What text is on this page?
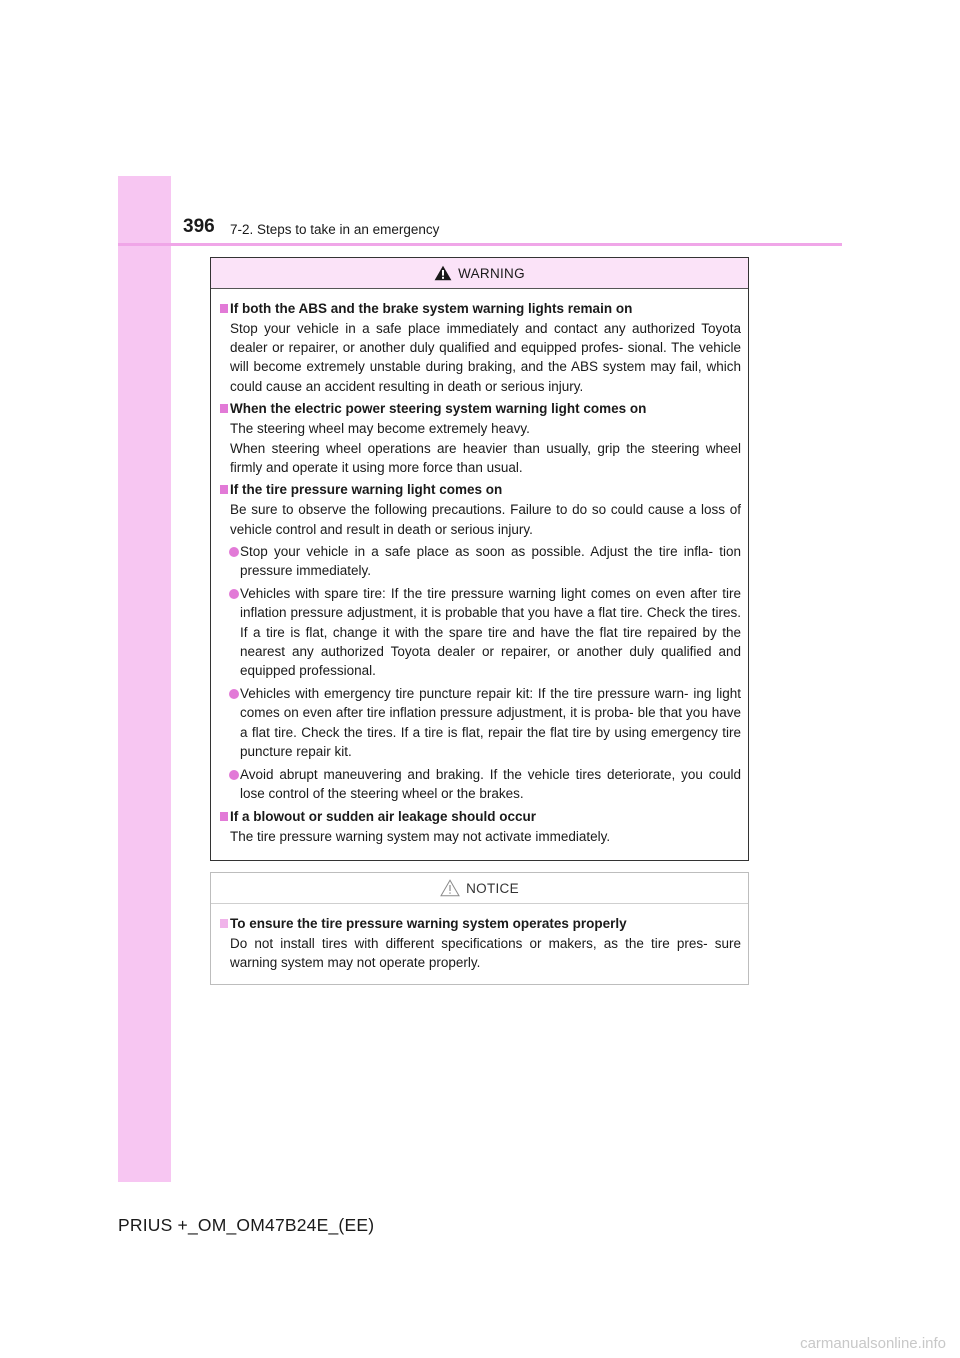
396 7-2. Steps to take in an emergency
WARNING
If both the ABS and the brake system warning lights remain on
Stop your vehicle in a safe place immediately and contact any authorized Toyota dealer or repairer, or another duly qualified and equipped profes- sional. The vehicle will become extremely unstable during braking, and the ABS system may fail, which could cause an accident resulting in death or serious injury.
When the electric power steering system warning light comes on
The steering wheel may become extremely heavy.
When steering wheel operations are heavier than usually, grip the steering wheel firmly and operate it using more force than usual.
If the tire pressure warning light comes on
Be sure to observe the following precautions. Failure to do so could cause a loss of vehicle control and result in death or serious injury.
Stop your vehicle in a safe place as soon as possible. Adjust the tire infla- tion pressure immediately.
Vehicles with spare tire: If the tire pressure warning light comes on even after tire inflation pressure adjustment, it is probable that you have a flat tire. Check the tires. If a tire is flat, change it with the spare tire and have the flat tire repaired by the nearest any authorized Toyota dealer or repairer, or another duly qualified and equipped professional.
Vehicles with emergency tire puncture repair kit: If the tire pressure warn- ing light comes on even after tire inflation pressure adjustment, it is proba- ble that you have a flat tire. Check the tires. If a tire is flat, repair the flat tire by using emergency tire puncture repair kit.
Avoid abrupt maneuvering and braking. If the vehicle tires deteriorate, you could lose control of the steering wheel or the brakes.
If a blowout or sudden air leakage should occur
The tire pressure warning system may not activate immediately.
NOTICE
To ensure the tire pressure warning system operates properly
Do not install tires with different specifications or makers, as the tire pres- sure warning system may not operate properly.
PRIUS +_OM_OM47B24E_(EE)
carmanualsonline.info
